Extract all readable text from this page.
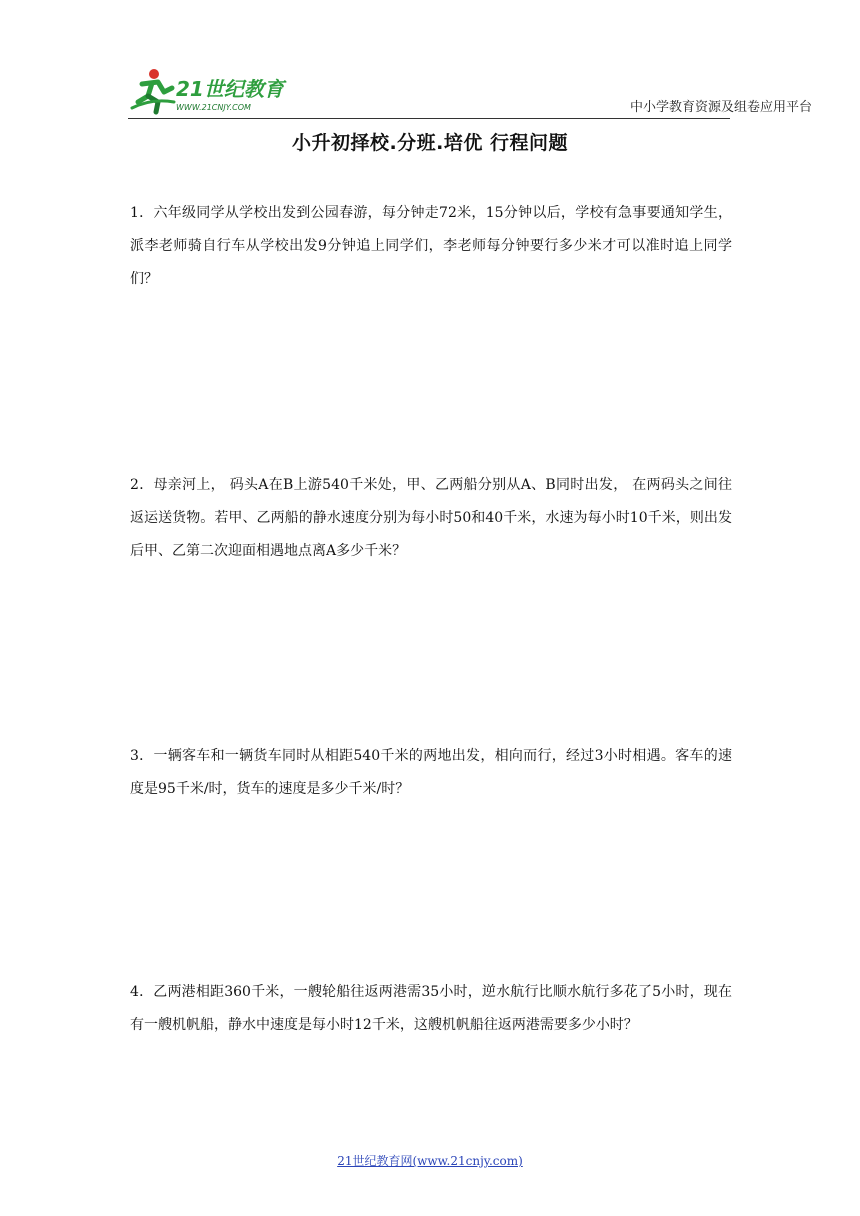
21世纪教育
WWW.21CNJY.COM	中小学教育资源及组卷应用平台
小升初择校.分班.培优 行程问题
1．六年级同学从学校出发到公园春游，每分钟走72米，15分钟以后，学校有急事要通知学生，派李老师骑自行车从学校出发9分钟追上同学们，李老师每分钟要行多少米才可以准时追上同学们？
2．母亲河上， 码头A在B上游540千米处，甲、乙两船分别从A、B同时出发， 在两码头之间往返运送货物。若甲、乙两船的静水速度分别为每小时50和40千米，水速为每小时10千米，则出发后甲、乙第二次迎面相遇地点离A多少千米？
3．一辆客车和一辆货车同时从相距540千米的两地出发，相向而行，经过3小时相遇。客车的速度是95千米/时，货车的速度是多少千米/时？
4．乙两港相距360千米，一艘轮船往返两港需35小时，逆水航行比顺水航行多花了5小时，现在有一艘机帆船，静水中速度是每小时12千米，这艘机帆船往返两港需要多少小时？
21世纪教育网(www.21cnjy.com)
